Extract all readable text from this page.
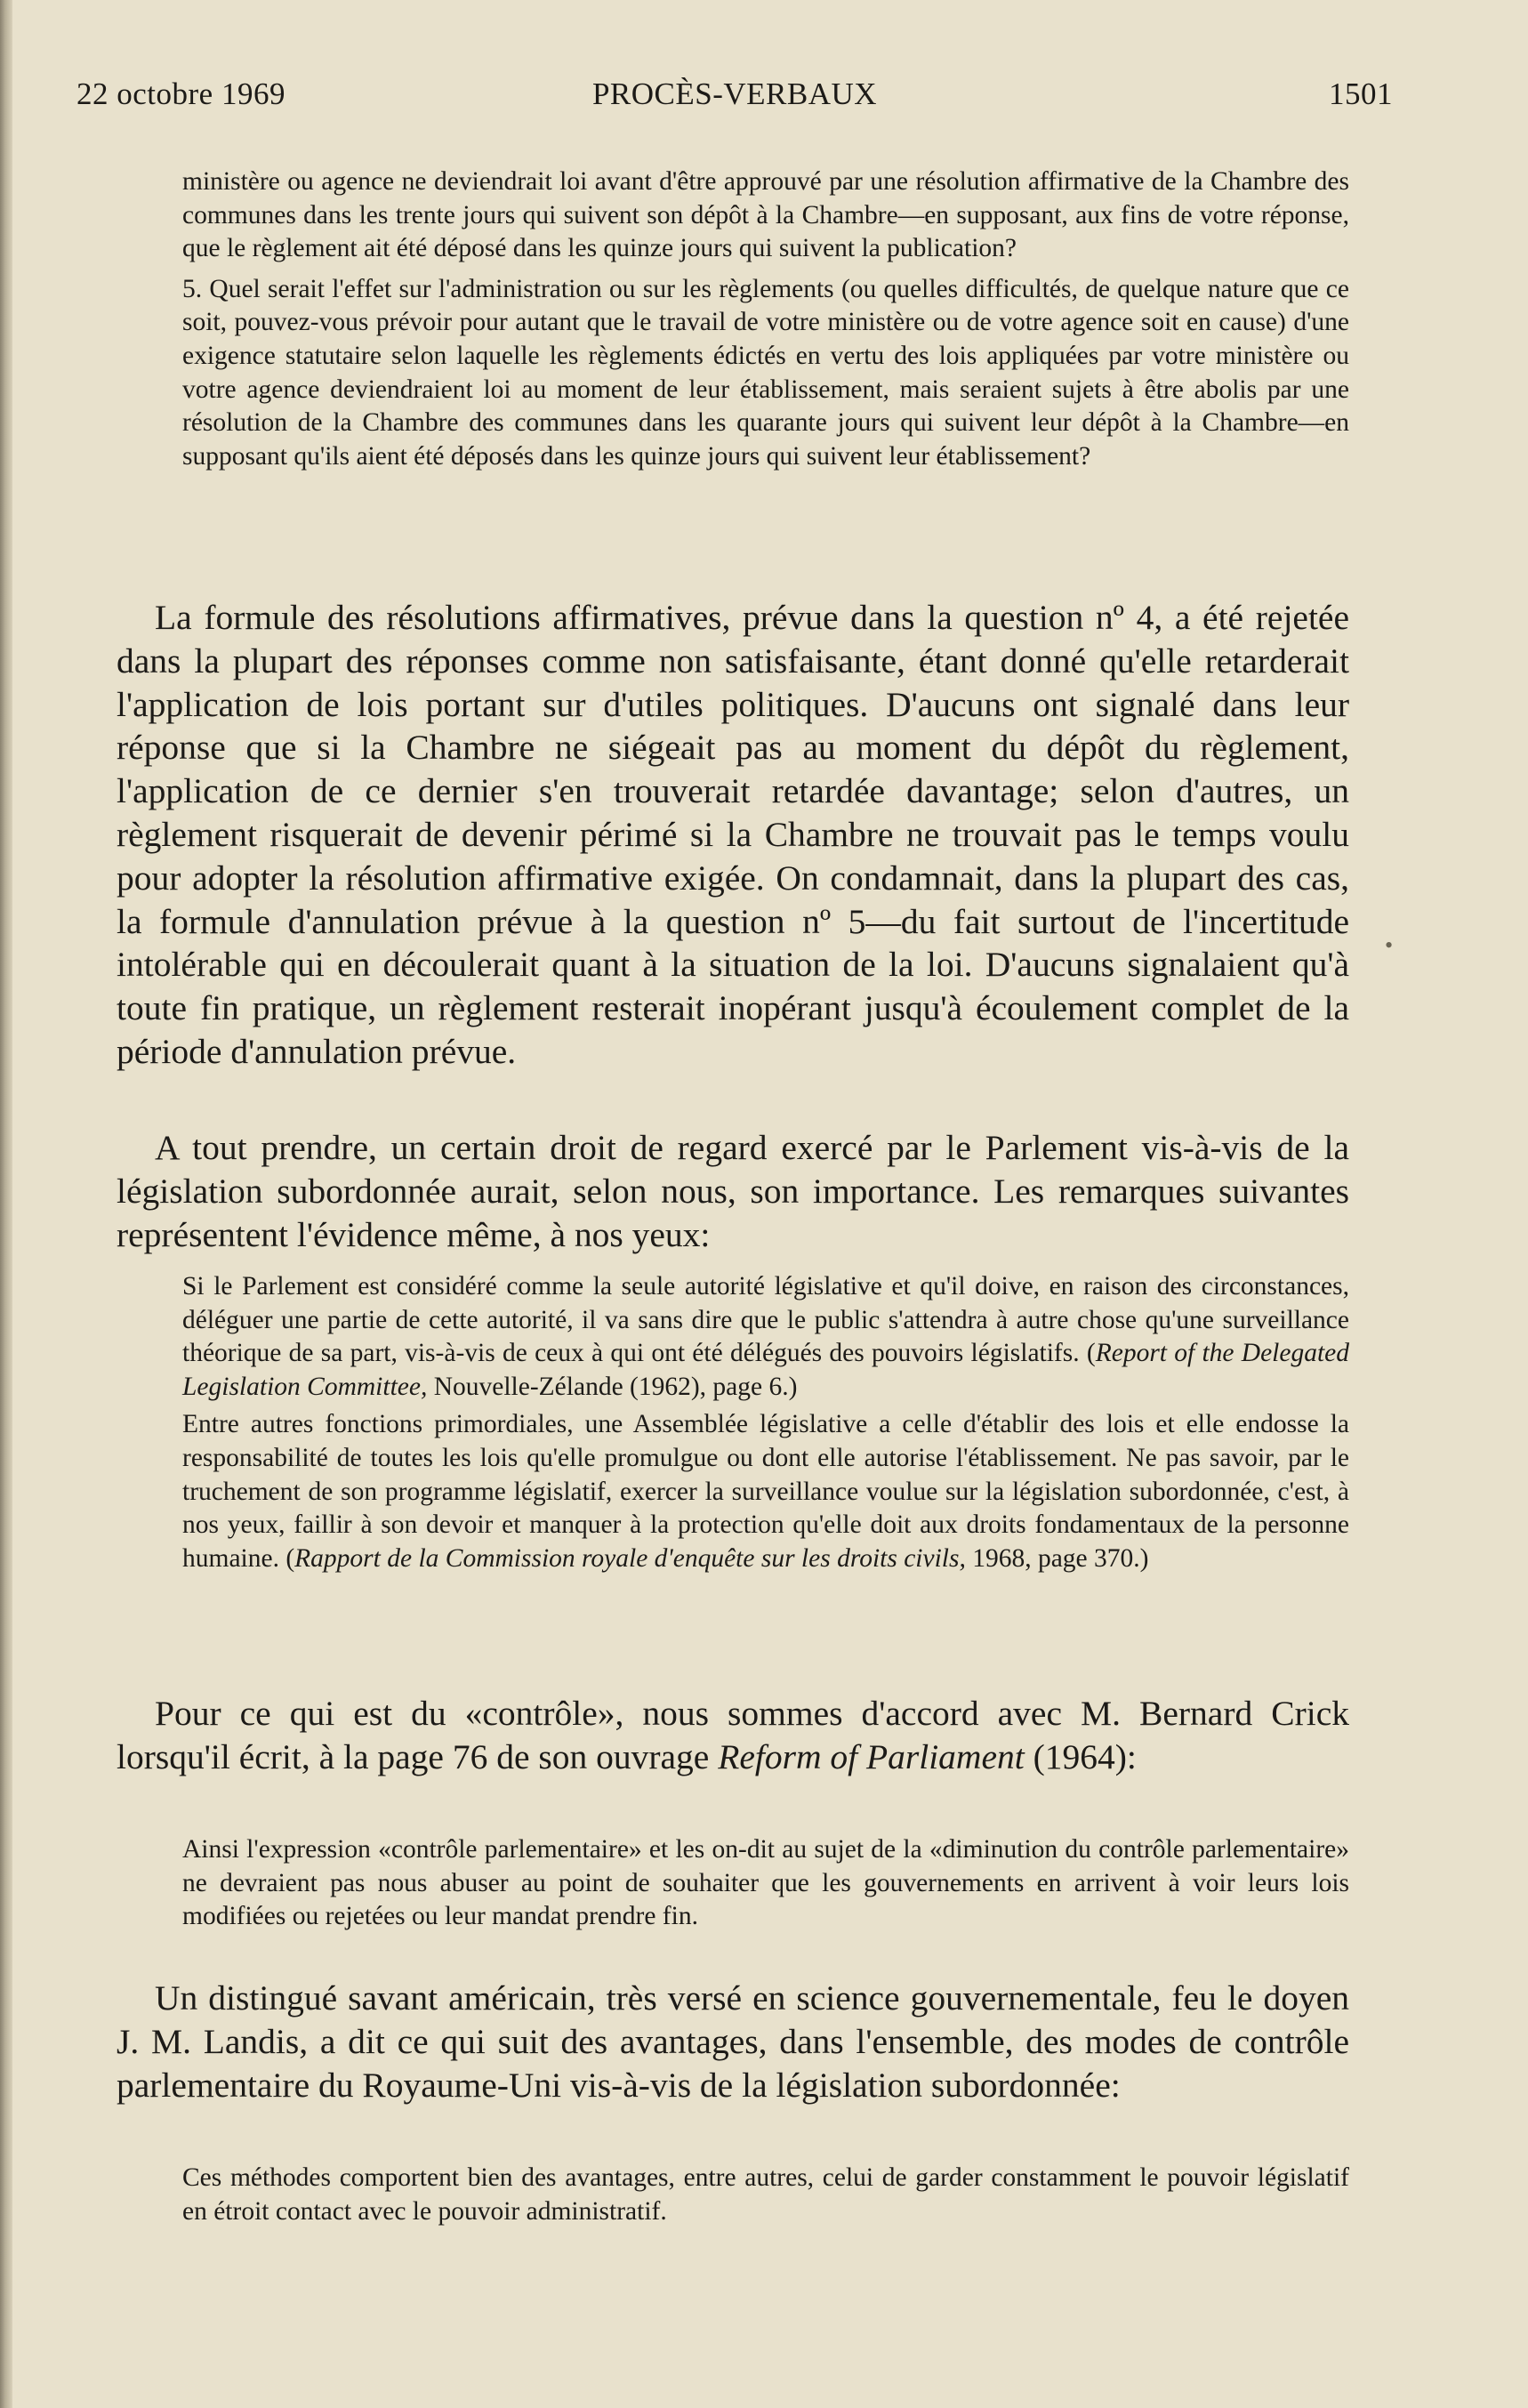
PROCÈS-VERBAUX
22 octobre 1969	1501

ministère ou agence ne deviendrait loi avant d'être approuvé par une résolution affirmative de la Chambre des communes dans les trente jours qui suivent son dépôt à la Chambre—en supposant, aux fins de votre réponse, que le règlement ait été déposé dans les quinze jours qui suivent la publication?

5. Quel serait l'effet sur l'administration ou sur les règlements (ou quelles difficultés, de quelque nature que ce soit, pouvez-vous prévoir pour autant que le travail de votre ministère ou de votre agence soit en cause) d'une exigence statutaire selon laquelle les règlements édictés en vertu des lois appliquées par votre ministère ou votre agence deviendraient loi au moment de leur établissement, mais seraient sujets à être abolis par une résolution de la Chambre des communes dans les quarante jours qui suivent leur dépôt à la Chambre—en supposant qu'ils aient été déposés dans les quinze jours qui suivent leur établissement?

La formule des résolutions affirmatives, prévue dans la question nº 4, a été rejetée dans la plupart des réponses comme non satisfaisante, étant donné qu'elle retarderait l'application de lois portant sur d'utiles politiques. D'aucuns ont signalé dans leur réponse que si la Chambre ne siégeait pas au moment du dépôt du règlement, l'application de ce dernier s'en trouverait retardée davantage; selon d'autres, un règlement risquerait de devenir périmé si la Chambre ne trouvait pas le temps voulu pour adopter la résolution affirmative exigée. On condamnait, dans la plupart des cas, la formule d'annulation prévue à la question nº 5—du fait surtout de l'incertitude intolérable qui en découlerait quant à la situation de la loi. D'aucuns signalaient qu'à toute fin pratique, un règlement resterait inopérant jusqu'à écoulement complet de la période d'annulation prévue.
A tout prendre, un certain droit de regard exercé par le Parlement vis-à-vis de la législation subordonnée aurait, selon nous, son importance. Les remarques suivantes représentent l'évidence même, à nos yeux:

Si le Parlement est considéré comme la seule autorité législative et qu'il doive, en raison des circonstances, déléguer une partie de cette autorité, il va sans dire que le public s'attendra à autre chose qu'une surveillance théorique de sa part, vis-à-vis de ceux à qui ont été délégués des pouvoirs législatifs. (Report of the Delegated Legislation Committee, Nouvelle-Zélande (1962), page 6.)

Entre autres fonctions primordiales, une Assemblée législative a celle d'établir des lois et elle endosse la responsabilité de toutes les lois qu'elle promulgue ou dont elle autorise l'établissement. Ne pas savoir, par le truchement de son programme législatif, exercer la surveillance voulue sur la législation subordonnée, c'est, à nos yeux, faillir à son devoir et manquer à la protection qu'elle doit aux droits fondamentaux de la personne humaine. (Rapport de la Commission royale d'enquête sur les droits civils, 1968, page 370.)

Pour ce qui est du «contrôle», nous sommes d'accord avec M. Bernard Crick lorsqu'il écrit, à la page 76 de son ouvrage Reform of Parliament (1964):
Ainsi l'expression «contrôle parlementaire» et les on-dit au sujet de la «diminution du contrôle parlementaire» ne devraient pas nous abuser au point de souhaiter que les gouvernements en arrivent à voir leurs lois modifiées ou rejetées ou leur mandat prendre fin.
Un distingué savant américain, très versé en science gouvernementale, feu le doyen J. M. Landis, a dit ce qui suit des avantages, dans l'ensemble, des modes de contrôle parlementaire du Royaume-Uni vis-à-vis de la législation subordonnée:
Ces méthodes comportent bien des avantages, entre autres, celui de garder constamment le pouvoir législatif en étroit contact avec le pouvoir administratif.
•
